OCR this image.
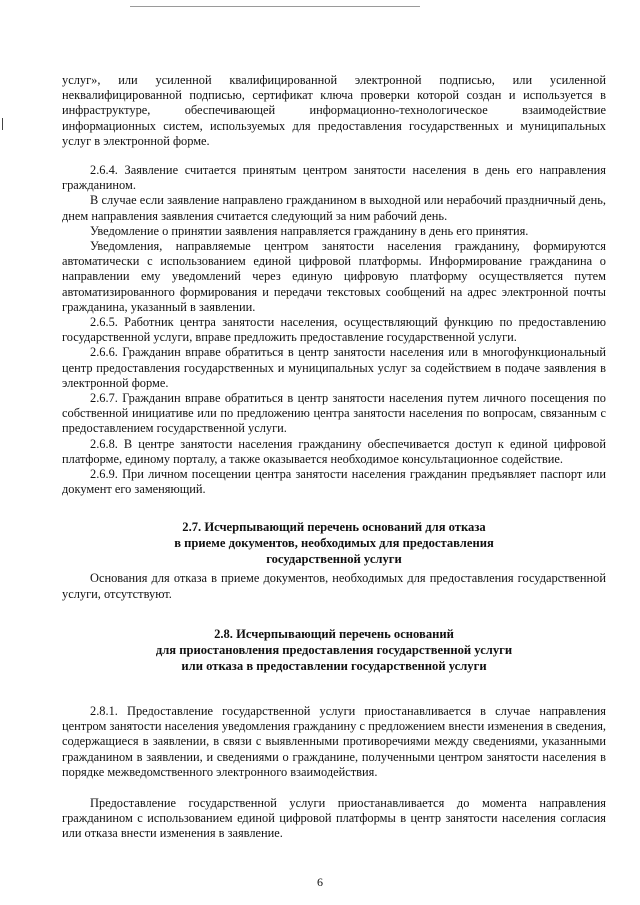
услуг», или усиленной квалифицированной электронной подписью, или усиленной неквалифицированной подписью, сертификат ключа проверки которой создан и используется в инфраструктуре, обеспечивающей информационно-технологическое взаимодействие информационных систем, используемых для предоставления государственных и муниципальных услуг в электронной форме.

2.6.4. Заявление считается принятым центром занятости населения в день его направления гражданином.

В случае если заявление направлено гражданином в выходной или нерабочий праздничный день, днем направления заявления считается следующий за ним рабочий день.

Уведомление о принятии заявления направляется гражданину в день его принятия.

Уведомления, направляемые центром занятости населения гражданину, формируются автоматически с использованием единой цифровой платформы. Информирование гражданина о направлении ему уведомлений через единую цифровую платформу осуществляется путем автоматизированного формирования и передачи текстовых сообщений на адрес электронной почты гражданина, указанный в заявлении.

2.6.5. Работник центра занятости населения, осуществляющий функцию по предоставлению государственной услуги, вправе предложить предоставление государственной услуги.

2.6.6. Гражданин вправе обратиться в центр занятости населения или в многофункциональный центр предоставления государственных и муниципальных услуг за содействием в подаче заявления в электронной форме.

2.6.7. Гражданин вправе обратиться в центр занятости населения путем личного посещения по собственной инициативе или по предложению центра занятости населения по вопросам, связанным с предоставлением государственной услуги.

2.6.8. В центре занятости населения гражданину обеспечивается доступ к единой цифровой платформе, единому порталу, а также оказывается необходимое консультационное содействие.

2.6.9. При личном посещении центра занятости населения гражданин предъявляет паспорт или документ его заменяющий.

2.7. Исчерпывающий перечень оснований для отказа
в приеме документов, необходимых для предоставления
государственной услуги

Основания для отказа в приеме документов, необходимых для предоставления государственной услуги, отсутствуют.

2.8. Исчерпывающий перечень оснований
для приостановления предоставления государственной услуги
или отказа в предоставлении государственной услуги

2.8.1. Предоставление государственной услуги приостанавливается в случае направления центром занятости населения уведомления гражданину с предложением внести изменения в сведения, содержащиеся в заявлении, в связи с выявленными противоречиями между сведениями, указанными гражданином в заявлении, и сведениями о гражданине, полученными центром занятости населения в порядке межведомственного электронного взаимодействия.

Предоставление государственной услуги приостанавливается до момента направления гражданином с использованием единой цифровой платформы в центр занятости населения согласия или отказа внести изменения в заявление.

6
